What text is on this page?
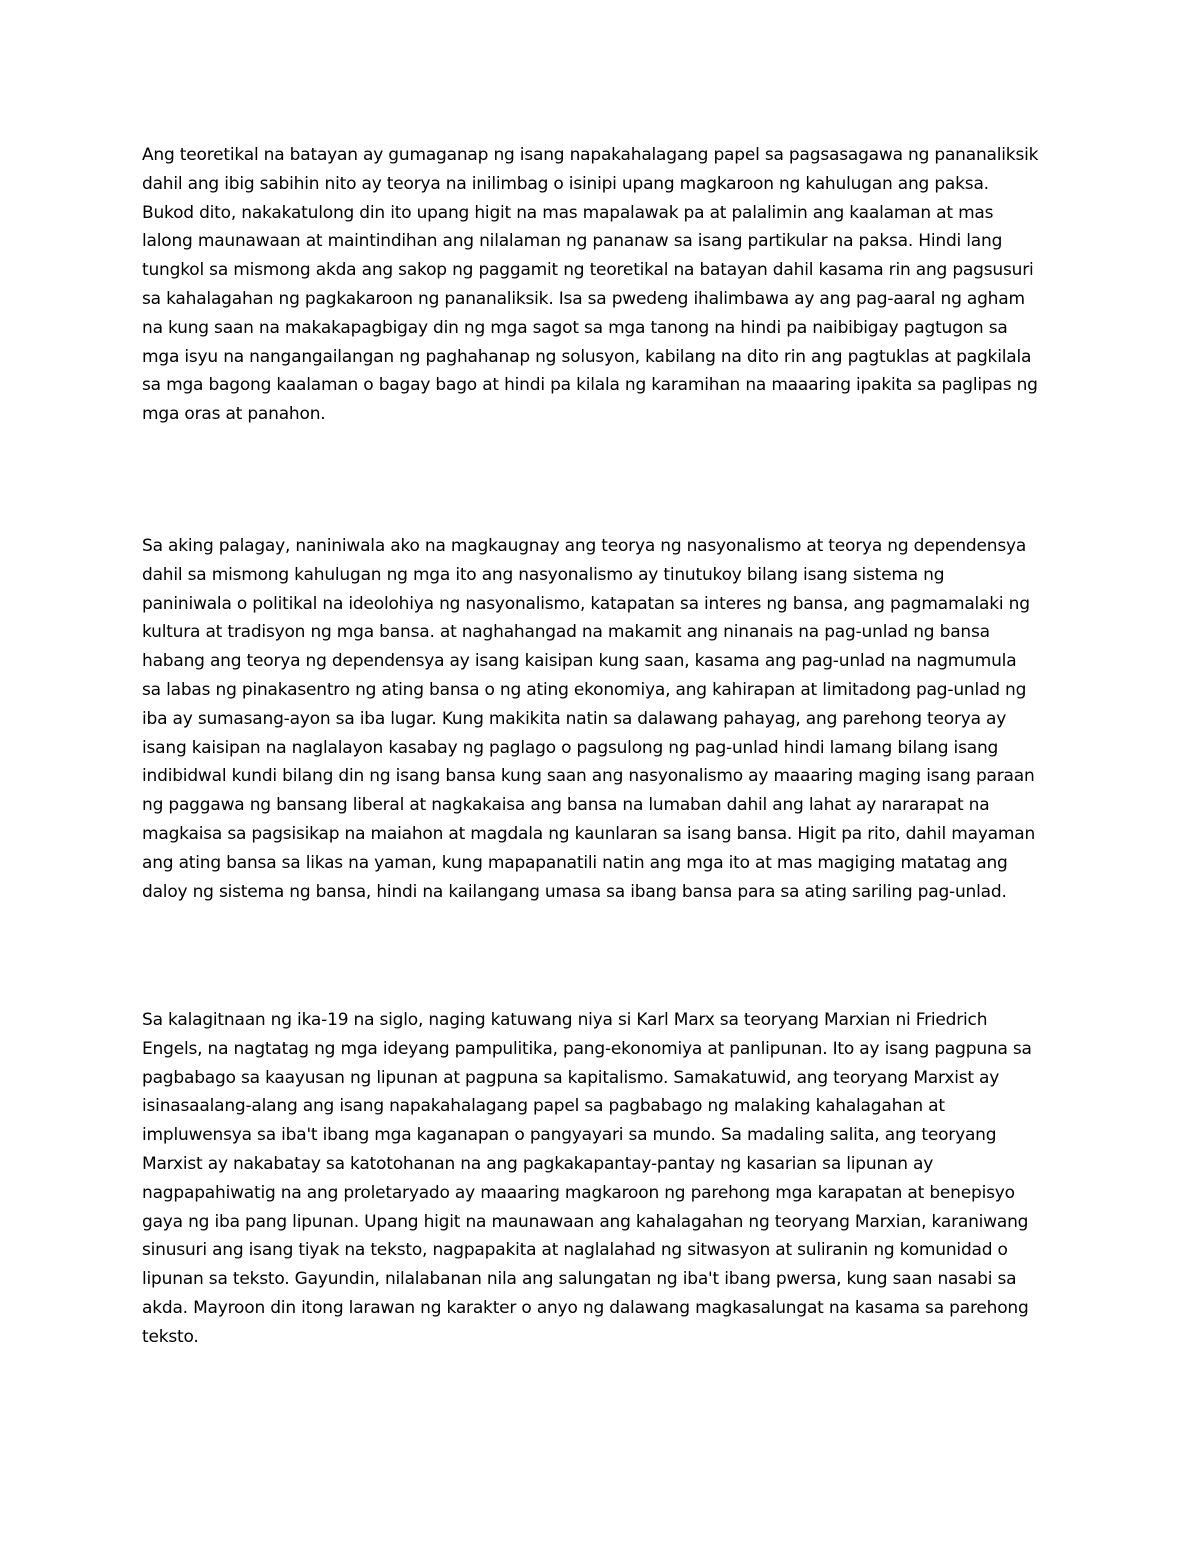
Ang teoretikal na batayan ay gumaganap ng isang napakahalagang papel sa pagsasagawa ng pananaliksik
dahil ang ibig sabihin nito ay teorya na inilimbag o isinipi upang magkaroon ng kahulugan ang paksa.
Bukod dito, nakakatulong din ito upang higit na mas mapalawak pa at palalimin ang kaalaman at mas
lalong maunawaan at maintindihan ang nilalaman ng pananaw sa isang partikular na paksa. Hindi lang
tungkol sa mismong akda ang sakop ng paggamit ng teoretikal na batayan dahil kasama rin ang pagsusuri
sa kahalagahan ng pagkakaroon ng pananaliksik. Isa sa pwedeng ihalimbawa ay ang pag-aaral ng agham
na kung saan na makakapagbigay din ng mga sagot sa mga tanong na hindi pa naibibigay pagtugon sa
mga isyu na nangangailangan ng paghahanap ng solusyon, kabilang na dito rin ang pagtuklas at pagkilala
sa mga bagong kaalaman o bagay bago at hindi pa kilala ng karamihan na maaaring ipakita sa paglipas ng
mga oras at panahon.

Sa aking palagay, naniniwala ako na magkaugnay ang teorya ng nasyonalismo at teorya ng dependensya
dahil sa mismong kahulugan ng mga ito ang nasyonalismo ay tinutukoy bilang isang sistema ng
paniniwala o politikal na ideolohiya ng nasyonalismo, katapatan sa interes ng bansa, ang pagmamalaki ng
kultura at tradisyon ng mga bansa. at naghahangad na makamit ang ninanais na pag-unlad ng bansa
habang ang teorya ng dependensya ay isang kaisipan kung saan, kasama ang pag-unlad na nagmumula
sa labas ng pinakasentro ng ating bansa o ng ating ekonomiya, ang kahirapan at limitadong pag-unlad ng
iba ay sumasang-ayon sa iba lugar. Kung makikita natin sa dalawang pahayag, ang parehong teorya ay
isang kaisipan na naglalayon kasabay ng paglago o pagsulong ng pag-unlad hindi lamang bilang isang
indibidwal kundi bilang din ng isang bansa kung saan ang nasyonalismo ay maaaring maging isang paraan
ng paggawa ng bansang liberal at nagkakaisa ang bansa na lumaban dahil ang lahat ay nararapat na
magkaisa sa pagsisikap na maiahon at magdala ng kaunlaran sa isang bansa. Higit pa rito, dahil mayaman
ang ating bansa sa likas na yaman, kung mapapanatili natin ang mga ito at mas magiging matatag ang
daloy ng sistema ng bansa, hindi na kailangang umasa sa ibang bansa para sa ating sariling pag-unlad.

Sa kalagitnaan ng ika-19 na siglo, naging katuwang niya si Karl Marx sa teoryang Marxian ni Friedrich
Engels, na nagtatag ng mga ideyang pampulitika, pang-ekonomiya at panlipunan. Ito ay isang pagpuna sa
pagbabago sa kaayusan ng lipunan at pagpuna sa kapitalismo. Samakatuwid, ang teoryang Marxist ay
isinasaalang-alang ang isang napakahalagang papel sa pagbabago ng malaking kahalagahan at
impluwensya sa iba't ibang mga kaganapan o pangyayari sa mundo. Sa madaling salita, ang teoryang
Marxist ay nakabatay sa katotohanan na ang pagkakapantay-pantay ng kasarian sa lipunan ay
nagpapahiwatig na ang proletaryado ay maaaring magkaroon ng parehong mga karapatan at benepisyo
gaya ng iba pang lipunan. Upang higit na maunawaan ang kahalagahan ng teoryang Marxian, karaniwang
sinusuri ang isang tiyak na teksto, nagpapakita at naglalahad ng sitwasyon at suliranin ng komunidad o
lipunan sa teksto. Gayundin, nilalabanan nila ang salungatan ng iba't ibang pwersa, kung saan nasabi sa
akda. Mayroon din itong larawan ng karakter o anyo ng dalawang magkasalungat na kasama sa parehong
teksto.
